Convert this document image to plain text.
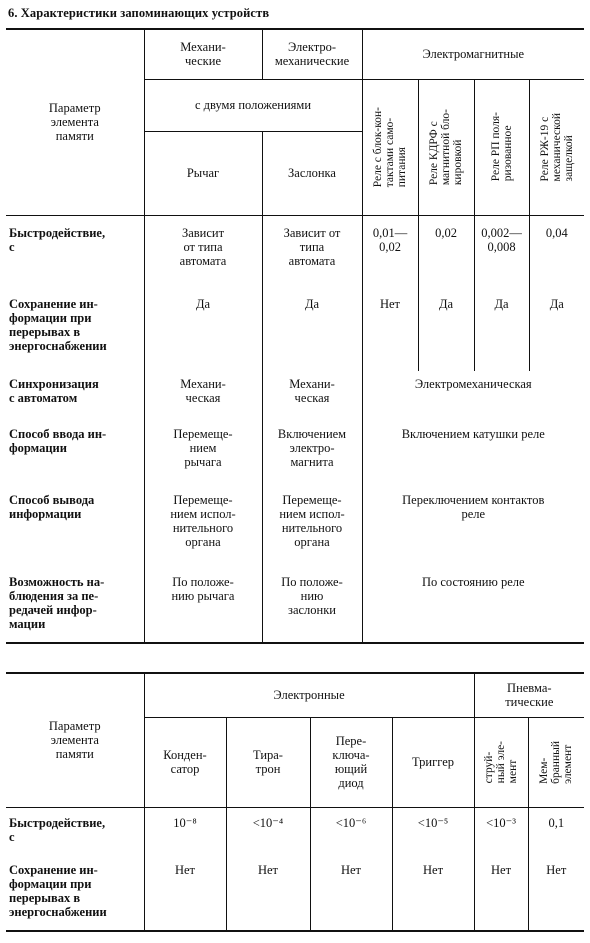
6. Характеристики запоминающих устройств
Параметр
элемента
памяти	Механи-
ческие	Электро-
механические	Электромагнитные			
	с двумя положениями		Реле с блок-кон-
тактами само-
питания	Реле КДРФ с
магнитной бло-
кировкой	Реле РП поля-
ризованное	Реле РЖ-19 с
механической
защелкой

	Рычаг	Заслонка				
Быстродействие,
с	Зависит
от типа
автомата	Зависит от
типа
автомата	0,01—
0,02	0,02	0,002—
0,008	0,04
Сохранение ин-
формации при
перерывах в
энергоснабжении	Да	Да	Нет	Да	Да	Да
Синхронизация
с автоматом	Механи-
ческая	Механи-
ческая	Электромеханическая			
Способ ввода ин-
формации	Перемеще-
нием
рычага	Включением
электро-
магнита	Включением катушки реле			
Способ вывода
информации	Перемеще-
нием испол-
нительного
органа	Перемеще-
нием испол-
нительного
органа	Переключением контактов
реле			
Возможность на-
блюдения за пе-
редачей инфор-
мации	По положе-
нию рычага	По положе-
нию
заслонки	По состоянию реле			
Параметр
элемента
памяти	Электронные				Пневма-
тические	
	Конден-
сатор	Тира-
трон	Пере-
ключа-
ющий
диод	Триггер	струй-
ный эле-
мент	Мем-
бранный
элемент

Быстродействие,
с	10⁻⁸	<10⁻⁴	<10⁻⁶	<10⁻⁵	<10⁻³	0,1
Сохранение ин-
формации при
перерывах в
энергоснабжении	Нет	Нет	Нет	Нет	Нет	Нет
